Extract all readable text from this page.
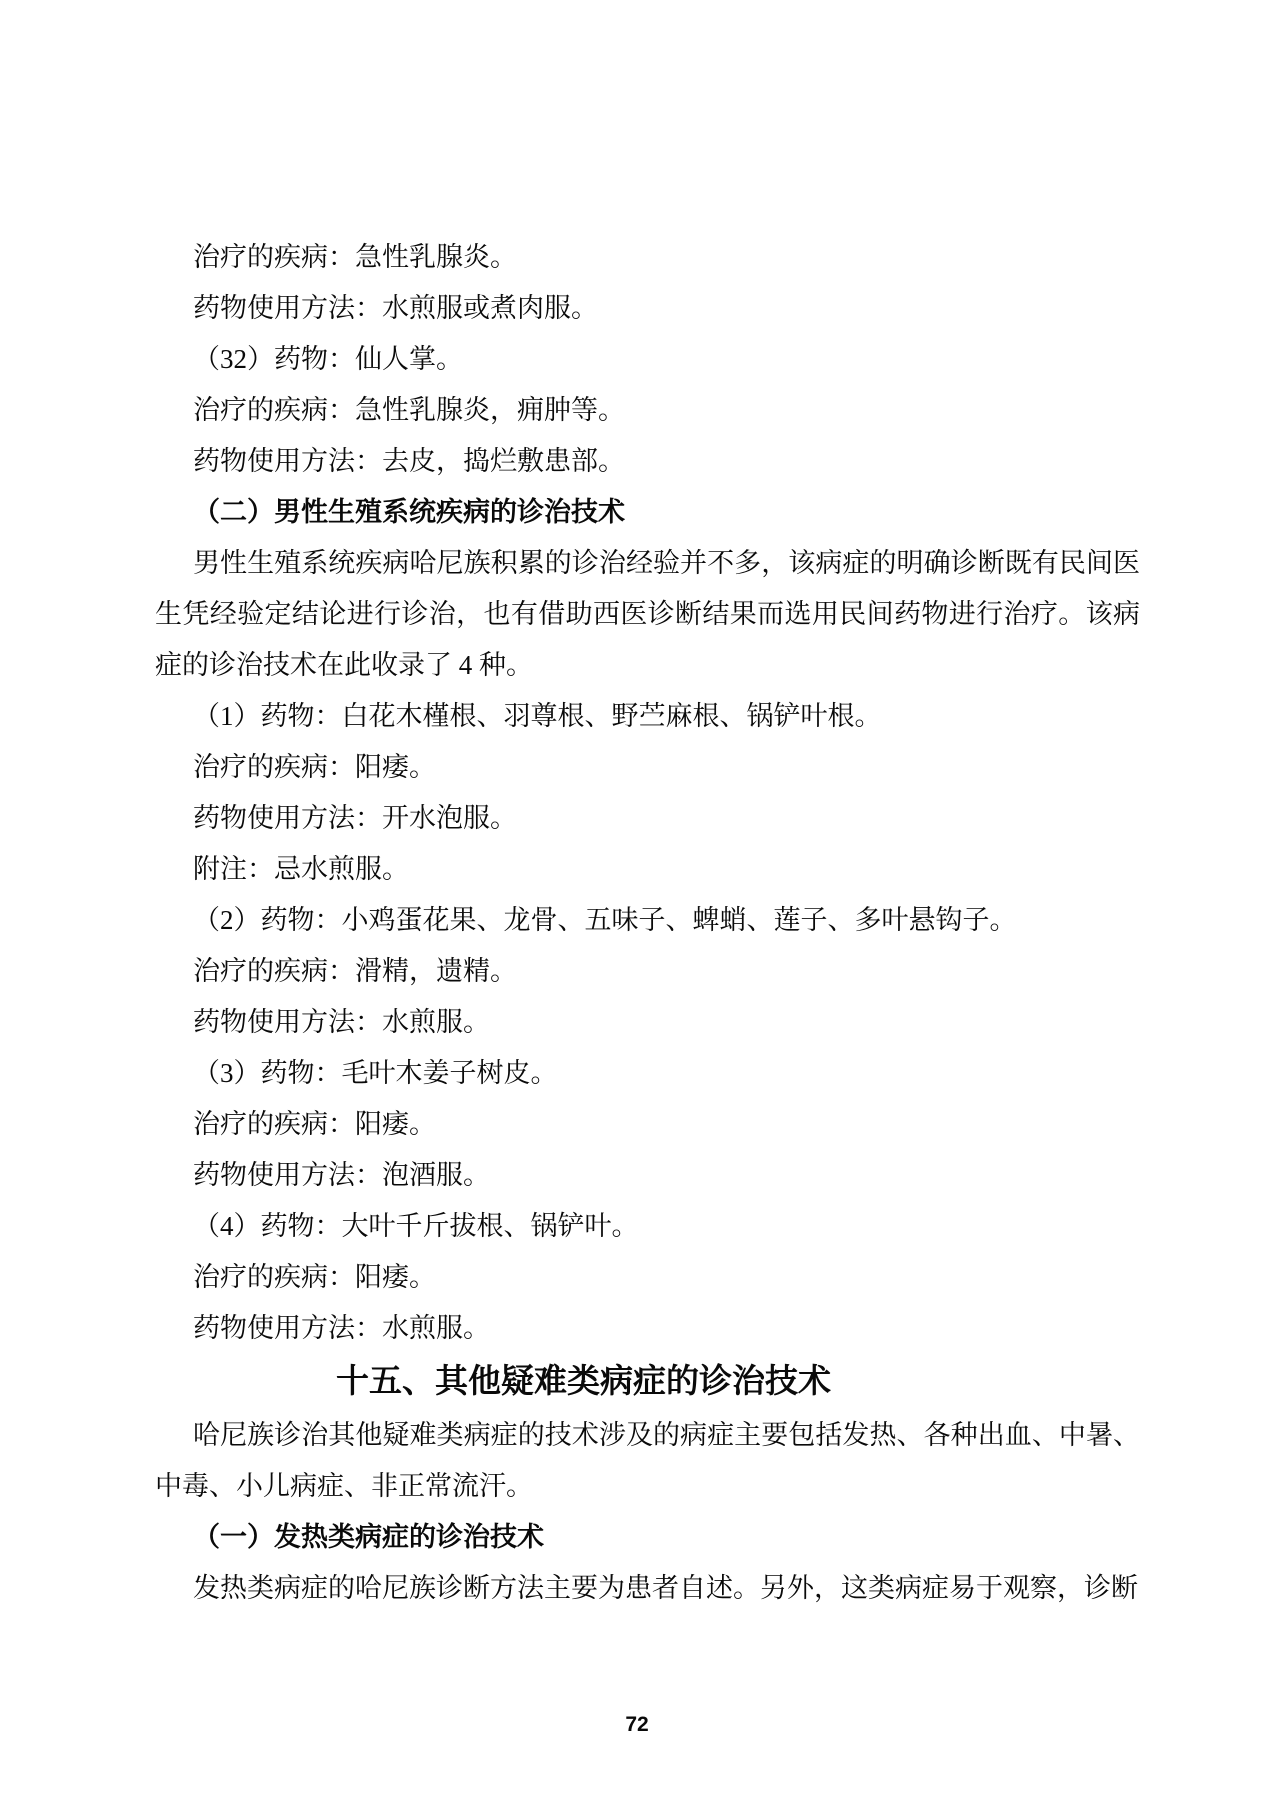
治疗的疾病：急性乳腺炎。
药物使用方法：水煎服或煮肉服。
（32）药物：仙人掌。
治疗的疾病：急性乳腺炎，痈肿等。
药物使用方法：去皮，捣烂敷患部。
（二）男性生殖系统疾病的诊治技术
男性生殖系统疾病哈尼族积累的诊治经验并不多，该病症的明确诊断既有民间医生凭经验定结论进行诊治，也有借助西医诊断结果而选用民间药物进行治疗。该病症的诊治技术在此收录了 4 种。
（1）药物：白花木槿根、羽尊根、野苎麻根、锅铲叶根。
治疗的疾病：阳痿。
药物使用方法：开水泡服。
附注：忌水煎服。
（2）药物：小鸡蛋花果、龙骨、五味子、蜱蛸、莲子、多叶悬钩子。
治疗的疾病：滑精，遗精。
药物使用方法：水煎服。
（3）药物：毛叶木姜子树皮。
治疗的疾病：阳痿。
药物使用方法：泡酒服。
（4）药物：大叶千斤拔根、锅铲叶。
治疗的疾病：阳痿。
药物使用方法：水煎服。
十五、其他疑难类病症的诊治技术
哈尼族诊治其他疑难类病症的技术涉及的病症主要包括发热、各种出血、中暑、中毒、小儿病症、非正常流汗。
（一）发热类病症的诊治技术
发热类病症的哈尼族诊断方法主要为患者自述。另外，这类病症易于观察，诊断
72
